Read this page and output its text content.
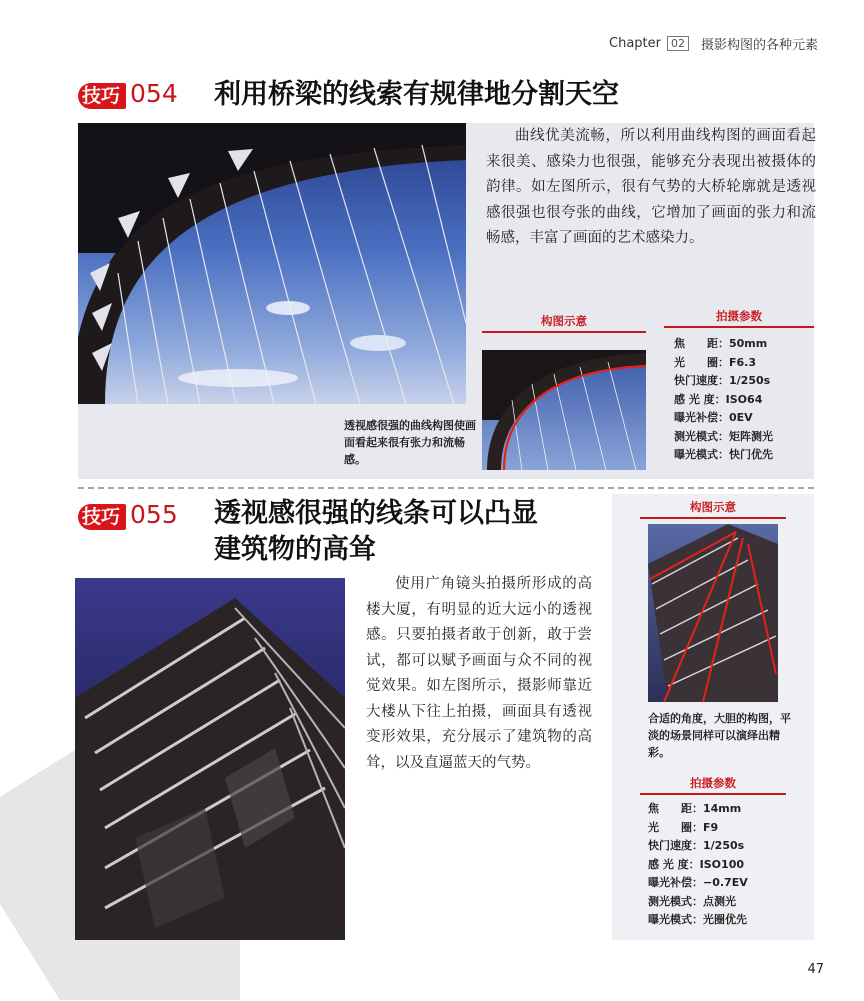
Chapter 02	摄影构图的各种元素
技巧 054 利用桥梁的线索有规律地分割天空

曲线优美流畅，所以利用曲线构图的画面看起来很美、感染力也很强，能够充分表现出被摄体的韵律。如左图所示，很有气势的大桥轮廓就是透视感很强也很夸张的曲线，它增加了画面的张力和流畅感，丰富了画面的艺术感染力。

透视感很强的曲线构图使画面看起来很有张力和流畅感。

构图示意	拍摄参数
焦　　距：50mm
光　　圈：F6.3
快门速度：1/250s
感 光 度：ISO64
曝光补偿：0EV
测光模式：矩阵测光
曝光模式：快门优先
技巧 055 透视感很强的线条可以凸显
建筑物的高耸

使用广角镜头拍摄所形成的高楼大厦，有明显的近大远小的透视感。只要拍摄者敢于创新，敢于尝试，都可以赋予画面与众不同的视觉效果。如左图所示，摄影师靠近大楼从下往上拍摄，画面具有透视变形效果，充分展示了建筑物的高耸，以及直逼蓝天的气势。

构图示意

合适的角度，大胆的构图，平淡的场景同样可以演绎出精彩。

拍摄参数
焦　　距：14mm
光　　圈：F9
快门速度：1/250s
感 光 度：ISO100
曝光补偿：−0.7EV
测光模式：点测光
曝光模式：光圈优先
47
